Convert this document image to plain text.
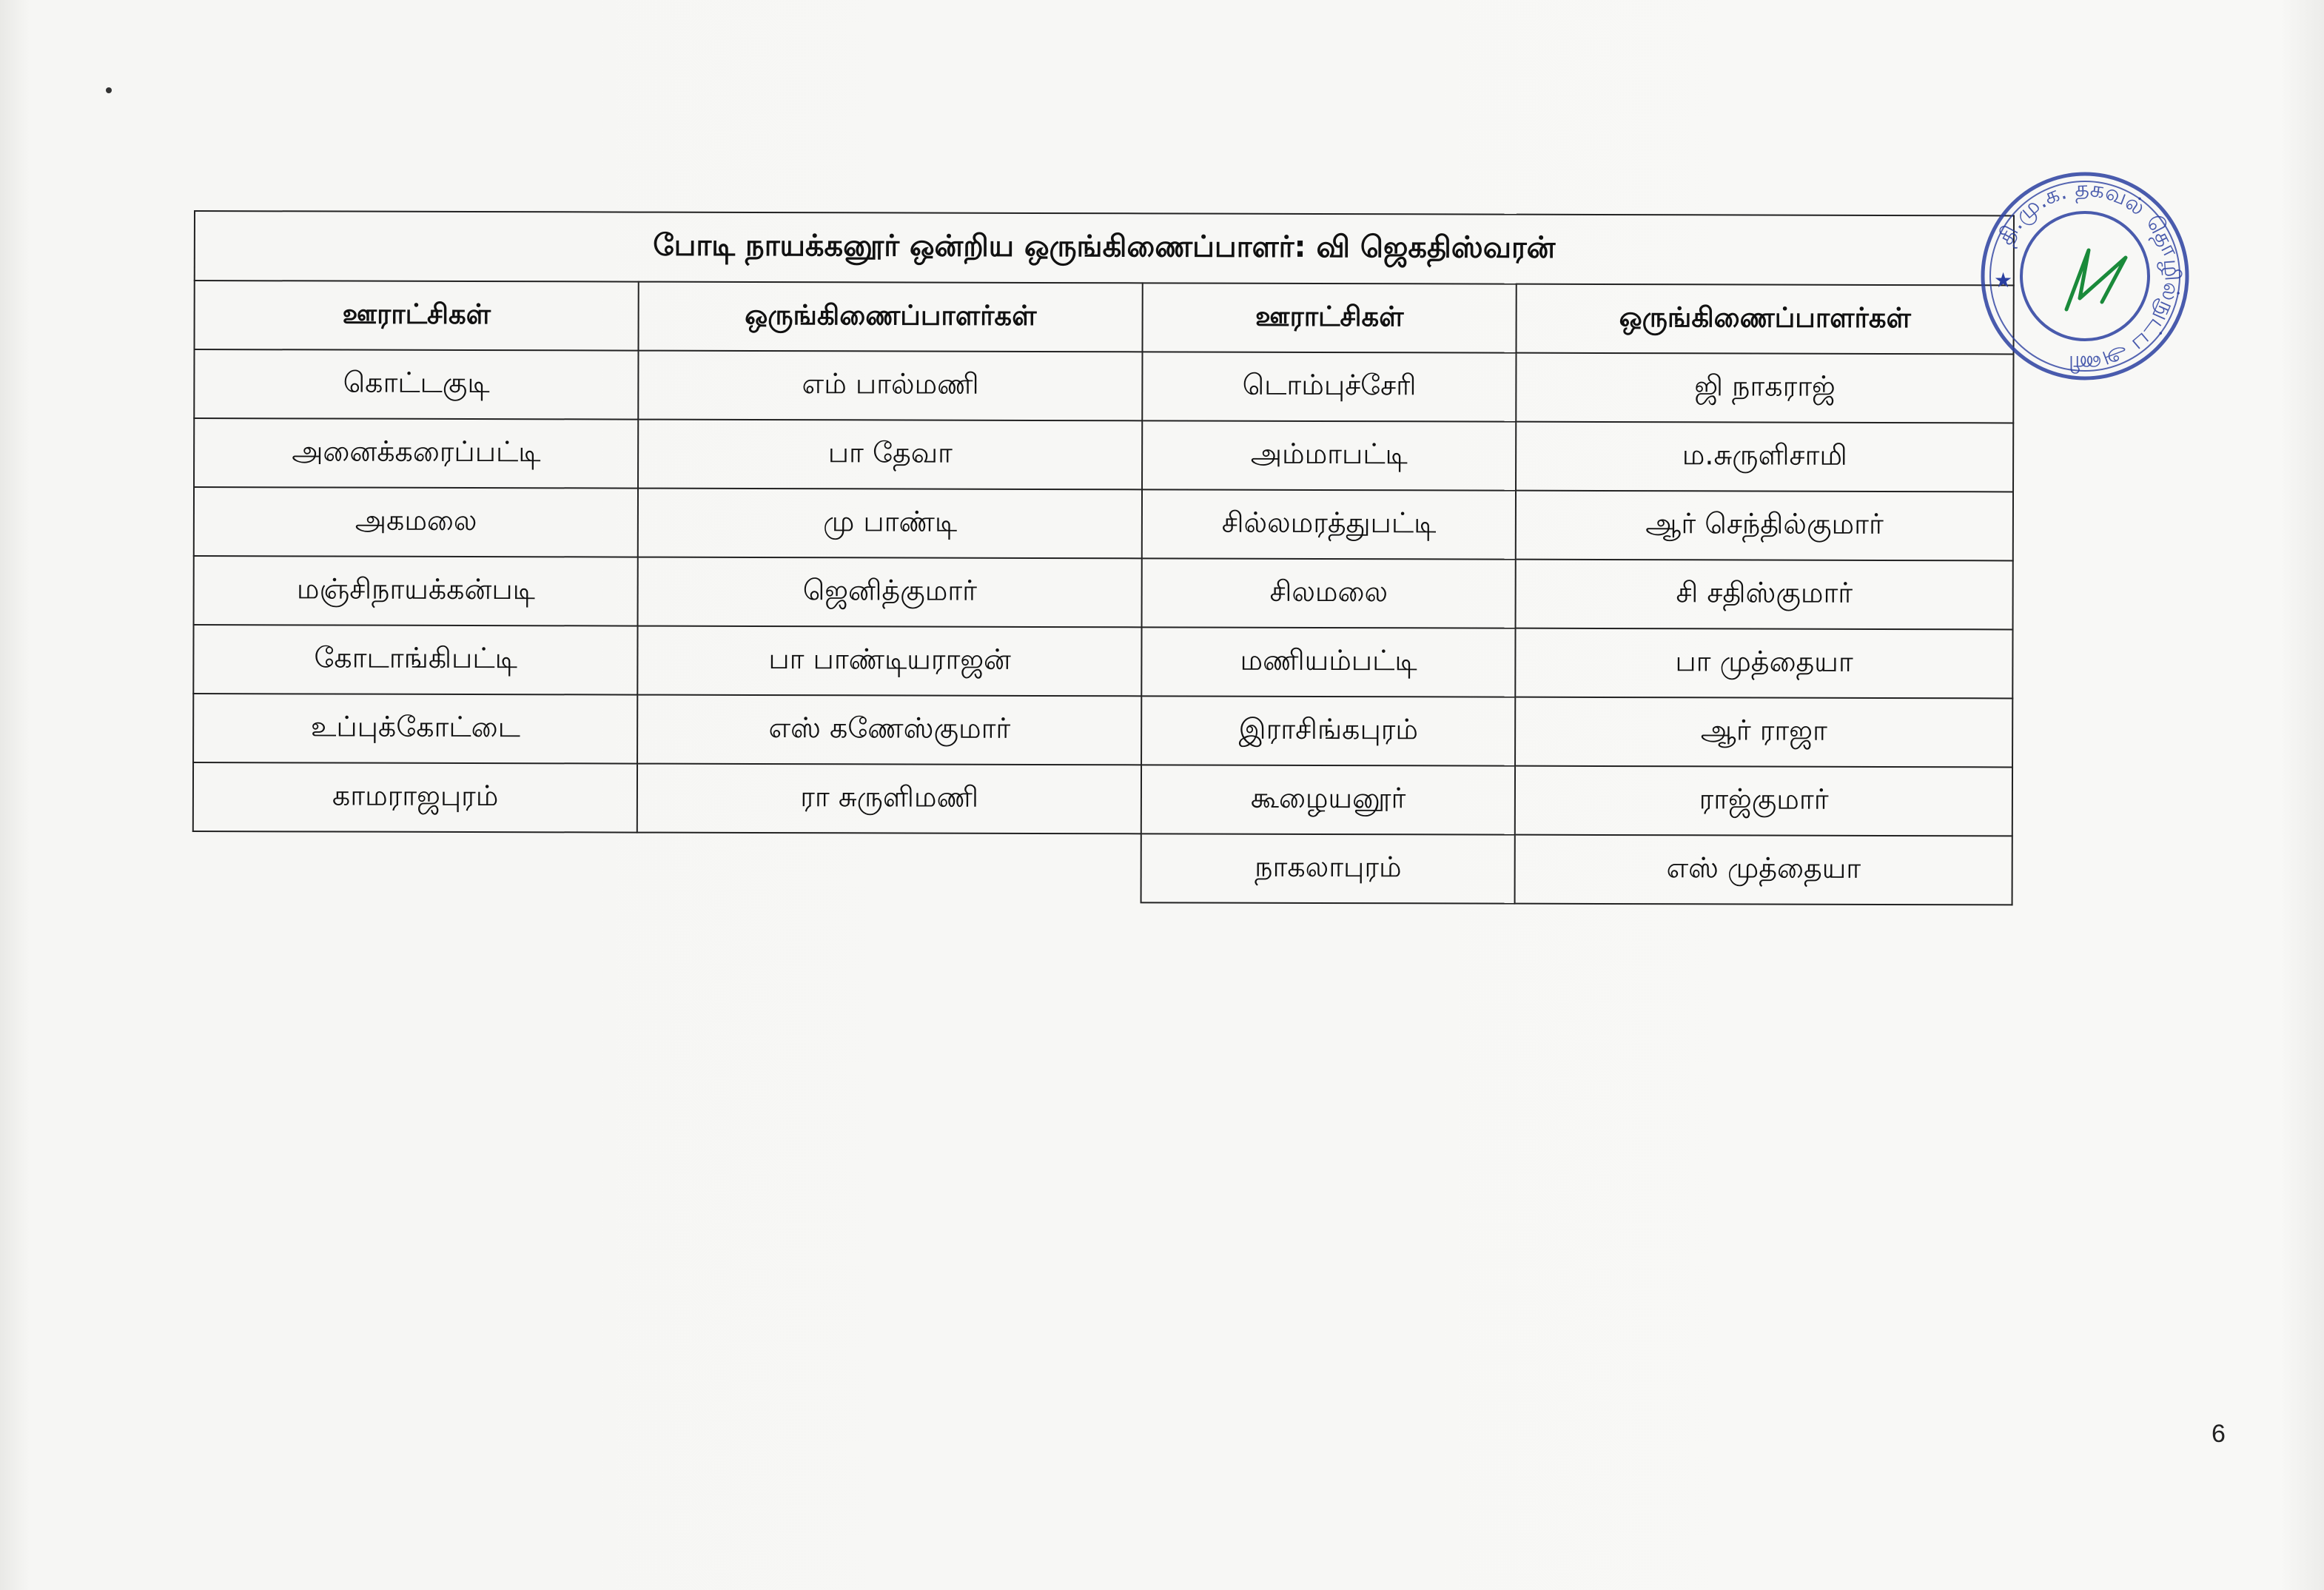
போடி நாயக்கனூர் ஒன்றிய ஒருங்கிணைப்பாளர்: வி ஜெகதிஸ்வரன்			
ஊராட்சிகள்	ஒருங்கிணைப்பாளர்கள்	ஊராட்சிகள்	ஒருங்கிணைப்பாளர்கள்
கொட்டகுடி	எம் பால்மணி	டொம்புச்சேரி	ஜி நாகராஜ்
அனைக்கரைப்பட்டி	பா தேவா	அம்மாபட்டி	ம.சுருளிசாமி
அகமலை	மு பாண்டி	சில்லமரத்துபட்டி	ஆர் செந்தில்குமார்
மஞ்சிநாயக்கன்படி	ஜெனித்குமார்	சிலமலை	சி சதிஸ்குமார்
கோடாங்கிபட்டி	பா பாண்டியராஜன்	மணியம்பட்டி	பா முத்தையா
உப்புக்கோட்டை	எஸ் கணேஸ்குமார்	இராசிங்கபுரம்	ஆர் ராஜா
காமராஜபுரம்	ரா சுருளிமணி	கூழையனூர்	ராஜ்குமார்
		நாகலாபுரம்	எஸ் முத்தையா
தி.மு.க. தகவல் தொழில்நுட்ப அணி
★
6
